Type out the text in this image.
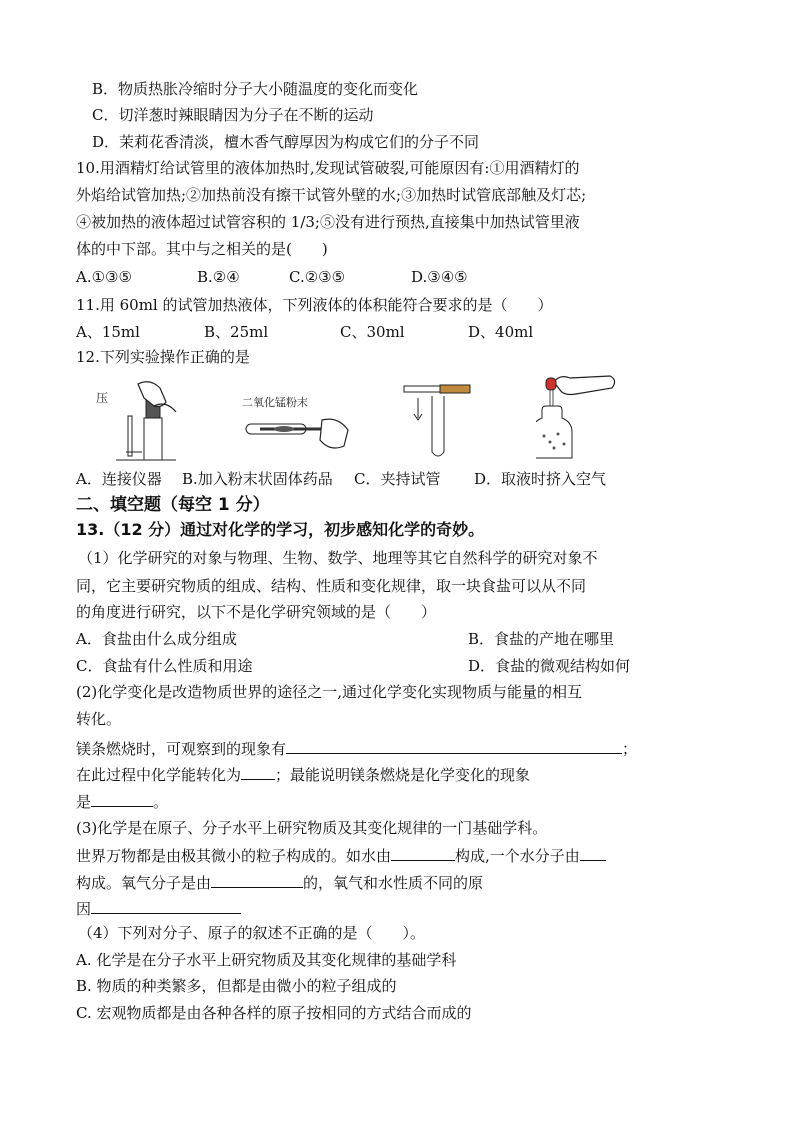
B．物质热胀冷缩时分子大小随温度的变化而变化
C．切洋葱时辣眼睛因为分子在不断的运动
D．茉莉花香清淡，檀木香气醇厚因为构成它们的分子不同
10.用酒精灯给试管里的液体加热时,发现试管破裂,可能原因有:①用酒精灯的
外焰给试管加热;②加热前没有擦干试管外壁的水;③加热时试管底部触及灯芯;
④被加热的液体超过试管容积的 1/3;⑤没有进行预热,直接集中加热试管里液
体的中下部。其中与之相关的是(　　)
A.①③⑤	B.②④	C.②③⑤	D.③④⑤
11.用 60ml 的试管加热液体，下列液体的体积能符合要求的是（　　）
A、15ml	B、25ml	C、30ml	D、40ml
12.下列实验操作正确的是
压	二氧化锰粉末
A．连接仪器 B.加入粉末状固体药品 C．夹持试管 D．取液时挤入空气
二、填空题（每空 1 分）
13.（12 分）通过对化学的学习，初步感知化学的奇妙。
（1）化学研究的对象与物理、生物、数学、地理等其它自然科学的研究对象不
同，它主要研究物质的组成、结构、性质和变化规律，取一块食盐可以从不同
的角度进行研究，以下不是化学研究领域的是（　　）
A．食盐由什么成分组成	B．食盐的产地在哪里
C．食盐有什么性质和用途	D．食盐的微观结构如何
(2)化学变化是改造物质世界的途径之一,通过化学变化实现物质与能量的相互
转化。
镁条燃烧时，可观察到的现象有	；
在此过程中化学能转化为 ；最能说明镁条燃烧是化学变化的现象
是	。
(3)化学是在原子、分子水平上研究物质及其变化规律的一门基础学科。
世界万物都是由极其微小的粒子构成的。如水由	构成,一个水分子由
构成。氧气分子是由	的，氧气和水性质不同的原
因
（4）下列对分子、原子的叙述不正确的是（　　）。
A. 化学是在分子水平上研究物质及其变化规律的基础学科
B. 物质的种类繁多，但都是由微小的粒子组成的
C. 宏观物质都是由各种各样的原子按相同的方式结合而成的
